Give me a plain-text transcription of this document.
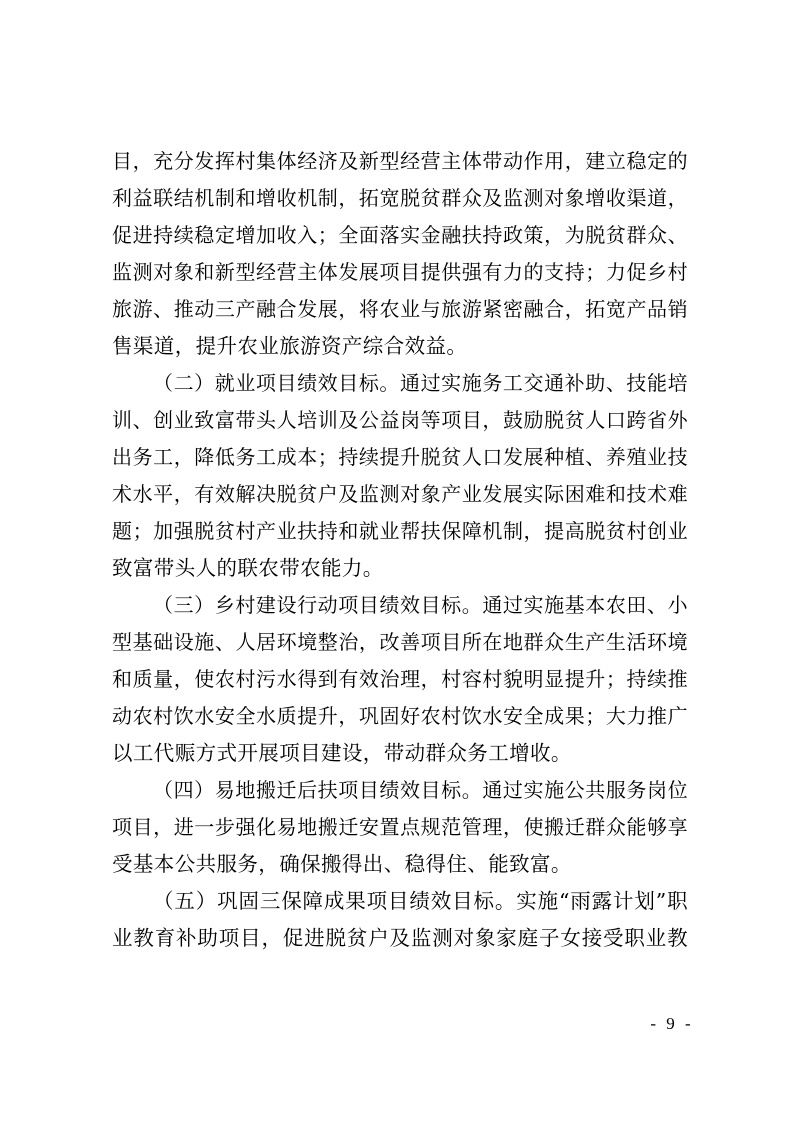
目，充分发挥村集体经济及新型经营主体带动作用，建立稳定的
利益联结机制和增收机制，拓宽脱贫群众及监测对象增收渠道，
促进持续稳定增加收入；全面落实金融扶持政策，为脱贫群众、
监测对象和新型经营主体发展项目提供强有力的支持；力促乡村
旅游、推动三产融合发展，将农业与旅游紧密融合，拓宽产品销
售渠道，提升农业旅游资产综合效益。
（二）就业项目绩效目标。通过实施务工交通补助、技能培
训、创业致富带头人培训及公益岗等项目，鼓励脱贫人口跨省外
出务工，降低务工成本；持续提升脱贫人口发展种植、养殖业技
术水平，有效解决脱贫户及监测对象产业发展实际困难和技术难
题；加强脱贫村产业扶持和就业帮扶保障机制，提高脱贫村创业
致富带头人的联农带农能力。
（三）乡村建设行动项目绩效目标。通过实施基本农田、小
型基础设施、人居环境整治，改善项目所在地群众生产生活环境
和质量，使农村污水得到有效治理，村容村貌明显提升；持续推
动农村饮水安全水质提升，巩固好农村饮水安全成果；大力推广
以工代赈方式开展项目建设，带动群众务工增收。
（四）易地搬迁后扶项目绩效目标。通过实施公共服务岗位
项目，进一步强化易地搬迁安置点规范管理，使搬迁群众能够享
受基本公共服务，确保搬得出、稳得住、能致富。
（五）巩固三保障成果项目绩效目标。实施“雨露计划”职
业教育补助项目，促进脱贫户及监测对象家庭子女接受职业教
- 9 -
